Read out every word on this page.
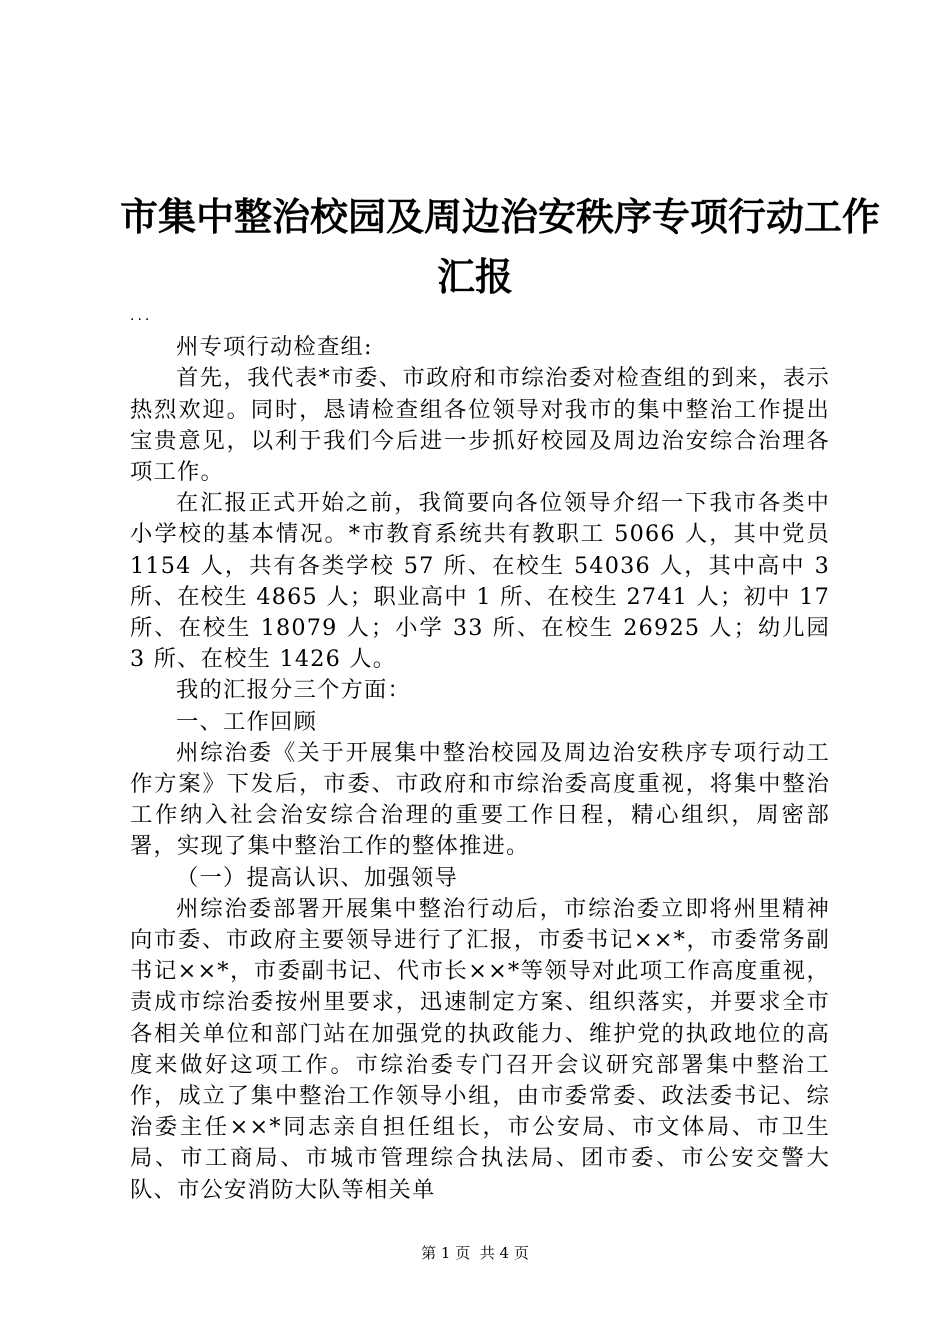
市集中整治校园及周边治安秩序专项行动工作
汇报

...

州专项行动检查组:

首先，我代表*市委、市政府和市综治委对检查组的到来，表示热烈欢迎。同时，恳请检查组各位领导对我市的集中整治工作提出宝贵意见，以利于我们今后进一步抓好校园及周边治安综合治理各项工作。

在汇报正式开始之前，我简要向各位领导介绍一下我市各类中小学校的基本情况。*市教育系统共有教职工 5066 人，其中党员 1154 人，共有各类学校 57 所、在校生 54036 人，其中高中 3 所、在校生 4865 人；职业高中 1 所、在校生 2741 人；初中 17 所、在校生 18079 人；小学 33 所、在校生 26925 人；幼儿园 3 所、在校生 1426 人。

我的汇报分三个方面：

一、工作回顾

州综治委《关于开展集中整治校园及周边治安秩序专项行动工作方案》下发后，市委、市政府和市综治委高度重视，将集中整治工作纳入社会治安综合治理的重要工作日程，精心组织，周密部署，实现了集中整治工作的整体推进。

（一）提高认识、加强领导

州综治委部署开展集中整治行动后，市综治委立即将州里精神向市委、市政府主要领导进行了汇报，市委书记××*，市委常务副书记××*，市委副书记、代市长××*等领导对此项工作高度重视，责成市综治委按州里要求，迅速制定方案、组织落实，并要求全市各相关单位和部门站在加强党的执政能力、维护党的执政地位的高度来做好这项工作。市综治委专门召开会议研究部署集中整治工作，成立了集中整治工作领导小组，由市委常委、政法委书记、综治委主任××*同志亲自担任组长，市公安局、市文体局、市卫生局、市工商局、市城市管理综合执法局、团市委、市公安交警大队、市公安消防大队等相关单

第 1 页  共 4 页
